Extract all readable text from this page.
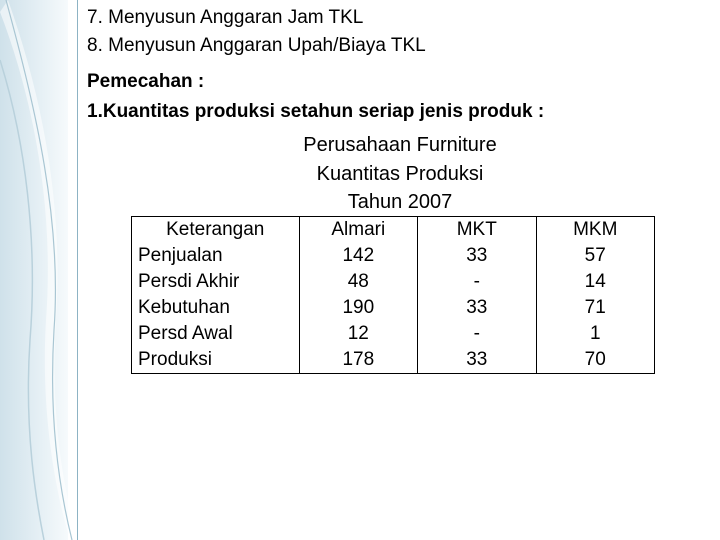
7. Menyusun Anggaran Jam TKL
8. Menyusun Anggaran Upah/Biaya TKL
Pemecahan :
1.Kuantitas produksi setahun seriap jenis produk :
Perusahaan Furniture
Kuantitas Produksi
Tahun 2007
Keterangan	Almari	MKT	MKM
Penjualan	142	33	57
Persdi Akhir	48	-	14
Kebutuhan	190	33	71
Persd Awal	12	-	1
Produksi	178	33	70
